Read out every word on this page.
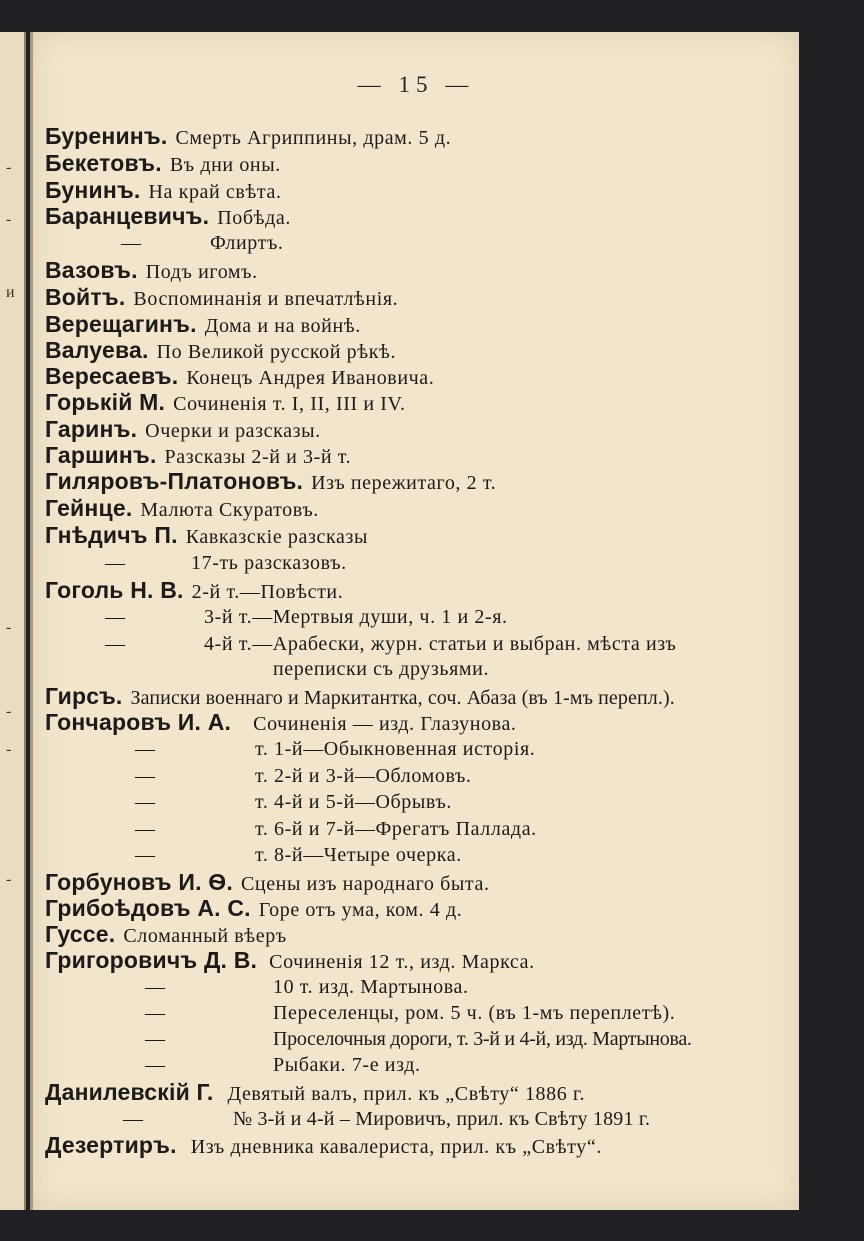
-
-
и
-
-
-
-
— 15 —
Буренинъ. Смерть Агриппины, драм. 5 д.
Бекетовъ. Въ дни оны.
Бунинъ. На край свѣта.
Баранцевичъ. Побѣда.
—	Флиртъ.
Вазовъ. Подъ игомъ.
Войтъ. Воспоминанія и впечатлѣнія.
Верещагинъ. Дома и на войнѣ.
Валуева. По Великой русской рѣкѣ.
Вересаевъ. Конецъ Андрея Ивановича.
Горькій М. Сочиненія т. I, II, III и IV.
Гаринъ. Очерки и разсказы.
Гаршинъ. Разсказы 2-й и 3-й т.
Гиляровъ-Платоновъ. Изъ пережитаго, 2 т.
Гейнце. Малюта Скуратовъ.
Гнѣдичъ П. Кавказскіе разсказы
—	17-ть разсказовъ.
Гоголь Н. В. 2-й т.—Повѣсти.
—	3-й т.—Мертвыя души, ч. 1 и 2-я.
—	4-й т.—Арабески, журн. статьи и выбран. мѣста изъ
переписки съ друзьями.
Гирсъ. Записки военнаго и Маркитантка, соч. Абаза (въ 1-мъ перепл.).
Гончаровъ И. А. Сочиненія — изд. Глазунова.
—	т. 1-й—Обыкновенная исторія.
—	т. 2-й и 3-й—Обломовъ.
—	т. 4-й и 5-й—Обрывъ.
—	т. 6-й и 7-й—Фрегатъ Паллада.
—	т. 8-й—Четыре очерка.
Горбуновъ И. Ѳ. Сцены изъ народнаго быта.
Грибоѣдовъ А. С. Горе отъ ума, ком. 4 д.
Гуссе. Сломанный вѣеръ
Григоровичъ Д. В. Сочиненія 12 т., изд. Маркса.
—	10 т. изд. Мартынова.
—	Переселенцы, ром. 5 ч. (въ 1-мъ переплетѣ).
—	Проселочныя дороги, т. 3-й и 4-й, изд. Мартынова.
—	Рыбаки. 7-е изд.
Данилевскій Г. Девятый валъ, прил. къ „Свѣту“ 1886 г.
—	№ 3-й и 4-й – Мировичъ, прил. къ Свѣту 1891 г.
Дезертиръ. Изъ дневника кавалериста, прил. къ „Свѣту“.
